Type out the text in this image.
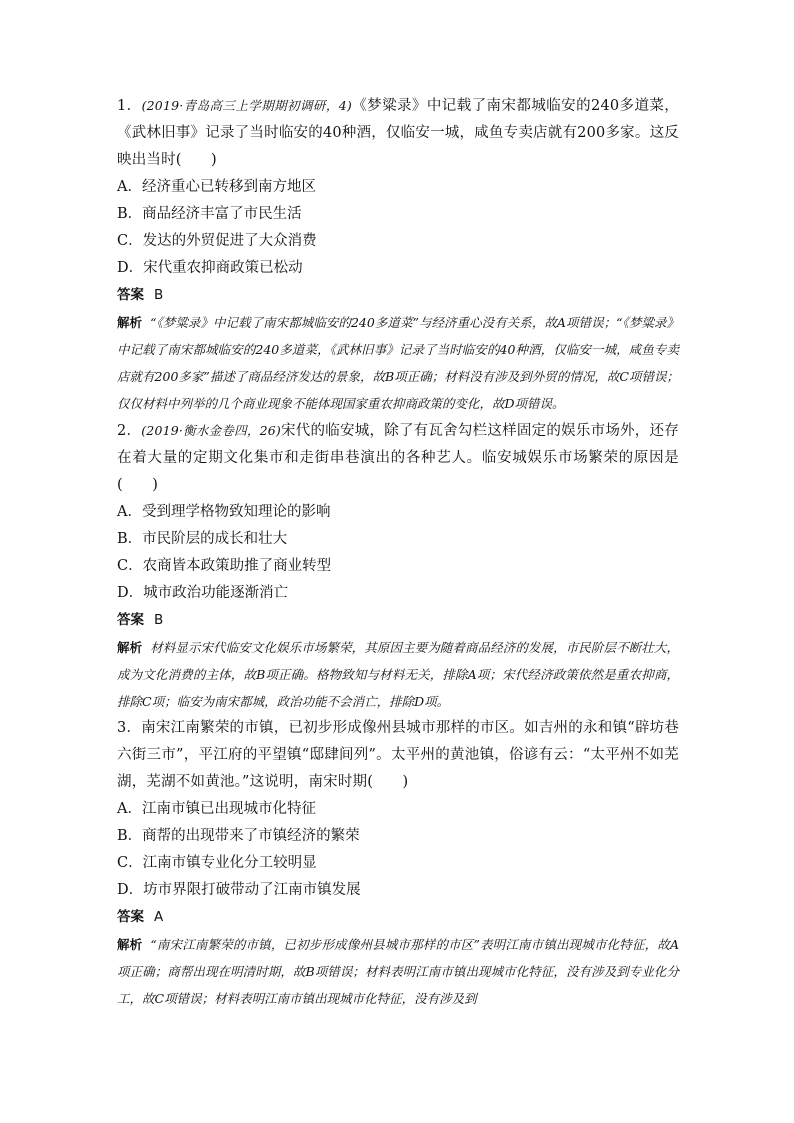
1．(2019·青岛高三上学期期初调研，4)《梦粱录》中记载了南宋都城临安的240多道菜，《武林旧事》记录了当时临安的40种酒，仅临安一城，咸鱼专卖店就有200多家。这反映出当时(　　)
A．经济重心已转移到南方地区
B．商品经济丰富了市民生活
C．发达的外贸促进了大众消费
D．宋代重农抑商政策已松动
答案 B
解析 “《梦粱录》中记载了南宋都城临安的240多道菜”与经济重心没有关系，故A项错误；“《梦粱录》中记载了南宋都城临安的240多道菜，《武林旧事》记录了当时临安的40种酒，仅临安一城，咸鱼专卖店就有200多家”描述了商品经济发达的景象，故B项正确；材料没有涉及到外贸的情况，故C项错误；仅仅材料中列举的几个商业现象不能体现国家重农抑商政策的变化，故D项错误。
2．(2019·衡水金卷四，26)宋代的临安城，除了有瓦舍勾栏这样固定的娱乐市场外，还存在着大量的定期文化集市和走街串巷演出的各种艺人。临安城娱乐市场繁荣的原因是(　　)
A．受到理学格物致知理论的影响
B．市民阶层的成长和壮大
C．农商皆本政策助推了商业转型
D．城市政治功能逐渐消亡
答案 B
解析 材料显示宋代临安文化娱乐市场繁荣，其原因主要为随着商品经济的发展，市民阶层不断壮大，成为文化消费的主体，故B项正确。格物致知与材料无关，排除A项；宋代经济政策依然是重农抑商，排除C项；临安为南宋都城，政治功能不会消亡，排除D项。
3．南宋江南繁荣的市镇，已初步形成像州县城市那样的市区。如吉州的永和镇“辟坊巷六街三市”，平江府的平望镇“邸肆间列”。太平州的黄池镇，俗谚有云：“太平州不如芜湖，芜湖不如黄池。”这说明，南宋时期(　　)
A．江南市镇已出现城市化特征
B．商帮的出现带来了市镇经济的繁荣
C．江南市镇专业化分工较明显
D．坊市界限打破带动了江南市镇发展
答案 A
解析 “南宋江南繁荣的市镇，已初步形成像州县城市那样的市区”表明江南市镇出现城市化特征，故A项正确；商帮出现在明清时期，故B项错误；材料表明江南市镇出现城市化特征，没有涉及到专业化分工，故C项错误；材料表明江南市镇出现城市化特征，没有涉及到
